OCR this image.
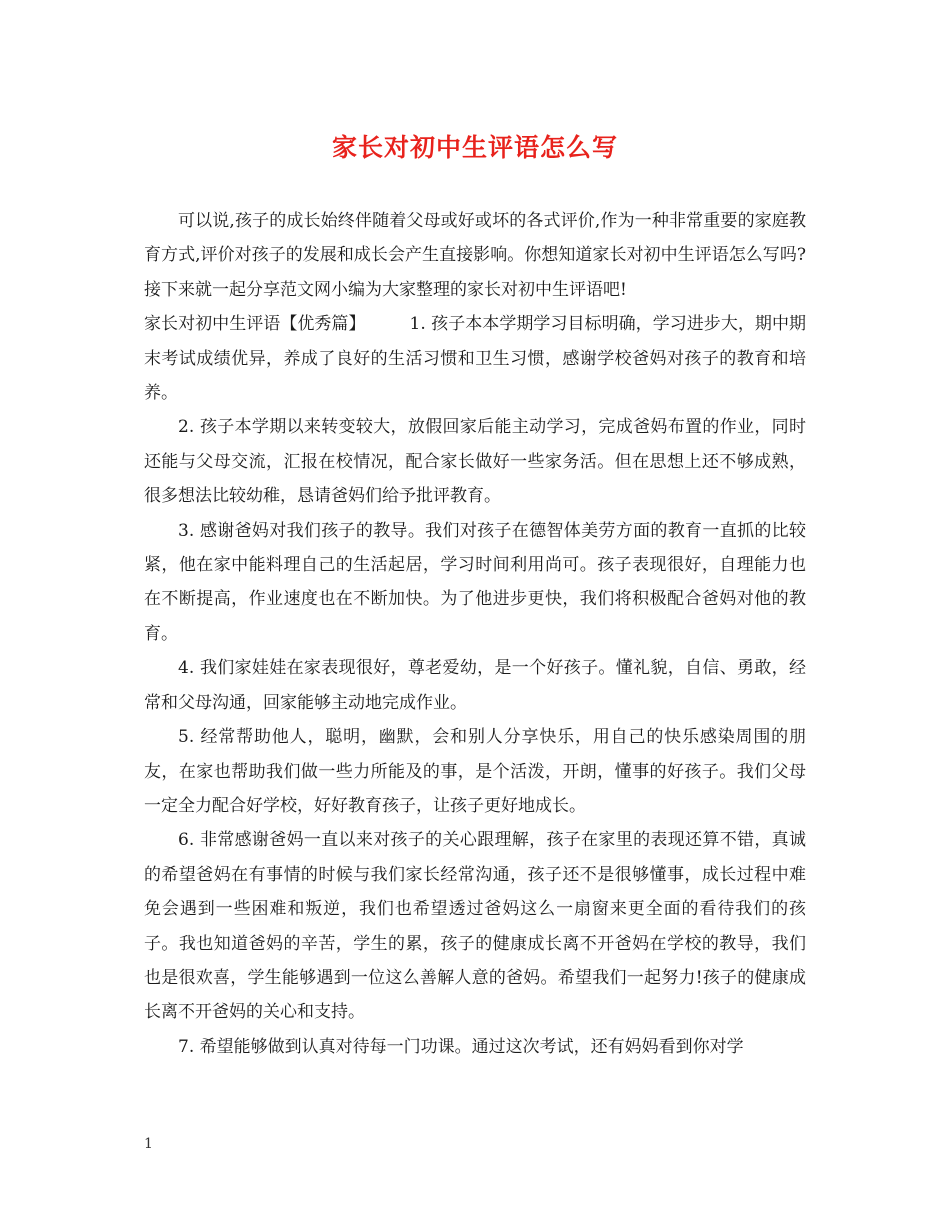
家长对初中生评语怎么写

可以说,孩子的成长始终伴随着父母或好或坏的各式评价,作为一种非常重要的家庭教育方式,评价对孩子的发展和成长会产生直接影响。你想知道家长对初中生评语怎么写吗?接下来就一起分享范文网小编为大家整理的家长对初中生评语吧!

家长对初中生评语【优秀篇】	1. 孩子本本学期学习目标明确，学习进步大，期中期末考试成绩优异，养成了良好的生活习惯和卫生习惯，感谢学校爸妈对孩子的教育和培养。

2. 孩子本学期以来转变较大，放假回家后能主动学习，完成爸妈布置的作业，同时还能与父母交流，汇报在校情况，配合家长做好一些家务活。但在思想上还不够成熟，很多想法比较幼稚，恳请爸妈们给予批评教育。

3. 感谢爸妈对我们孩子的教导。我们对孩子在德智体美劳方面的教育一直抓的比较紧，他在家中能料理自己的生活起居，学习时间利用尚可。孩子表现很好，自理能力也在不断提高，作业速度也在不断加快。为了他进步更快，我们将积极配合爸妈对他的教育。

4. 我们家娃娃在家表现很好，尊老爱幼，是一个好孩子。懂礼貌，自信、勇敢，经常和父母沟通，回家能够主动地完成作业。

5. 经常帮助他人，聪明，幽默，会和别人分享快乐，用自己的快乐感染周围的朋友，在家也帮助我们做一些力所能及的事，是个活泼，开朗，懂事的好孩子。我们父母一定全力配合好学校，好好教育孩子，让孩子更好地成长。

6. 非常感谢爸妈一直以来对孩子的关心跟理解，孩子在家里的表现还算不错，真诚的希望爸妈在有事情的时候与我们家长经常沟通，孩子还不是很够懂事，成长过程中难免会遇到一些困难和叛逆，我们也希望透过爸妈这么一扇窗来更全面的看待我们的孩子。我也知道爸妈的辛苦，学生的累，孩子的健康成长离不开爸妈在学校的教导，我们也是很欢喜，学生能够遇到一位这么善解人意的爸妈。希望我们一起努力!孩子的健康成长离不开爸妈的关心和支持。

7. 希望能够做到认真对待每一门功课。通过这次考试，还有妈妈看到你对学

1
